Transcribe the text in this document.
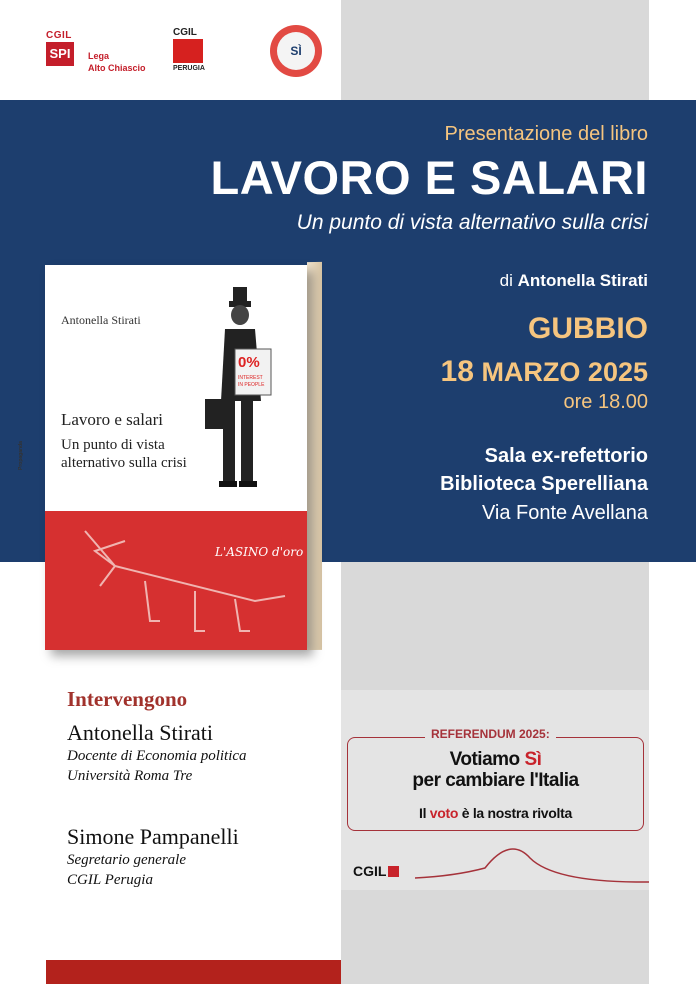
CGIL
SPI	Lega
Alto Chiascio
CGIL
PERUGIA
SÌ
Presentazione del libro
LAVORO E SALARI
Un punto di vista alternativo sulla crisi
di Antonella Stirati
GUBBIO
18 MARZO 2025
ore 18.00
Sala ex-refettorio
Biblioteca Sperelliana
Via Fonte Avellana
Propaganda
Antonella Stirati
Lavoro e salari
Un punto di vista
alternativo sulla crisi
0%
INTEREST
IN PEOPLE
L'ASINO d'oro
Intervengono
Antonella Stirati
Docente di Economia politica
Università Roma Tre
Simone Pampanelli
Segretario generale
CGIL Perugia
REFERENDUM 2025:
Votiamo Sì
per cambiare l'Italia
Il voto è la nostra rivolta
CGIL
